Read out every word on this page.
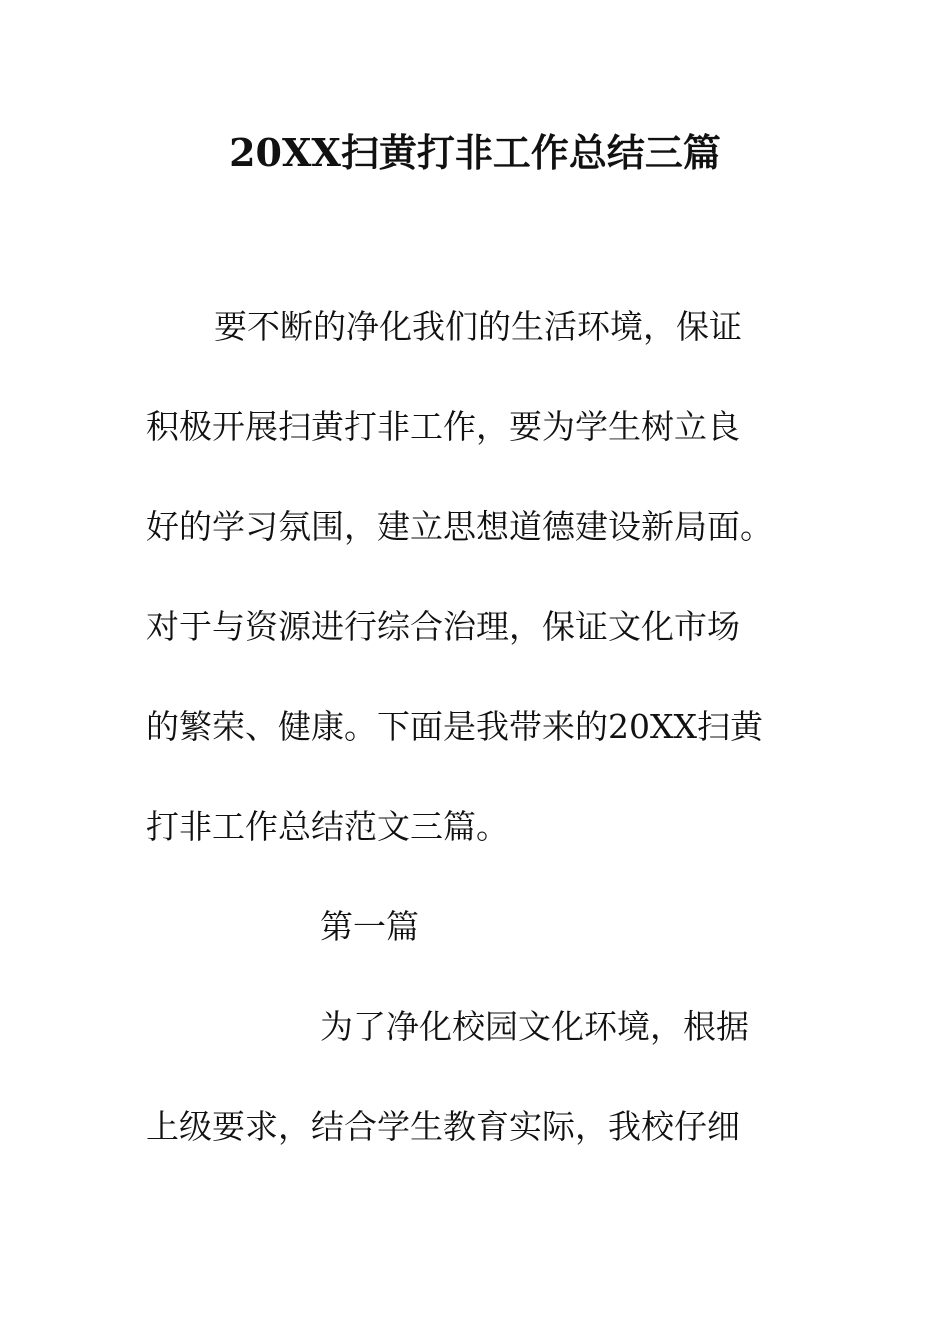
20XX扫黄打非工作总结三篇
要不断的净化我们的生活环境，保证
积极开展扫黄打非工作，要为学生树立良
好的学习氛围，建立思想道德建设新局面。
对于与资源进行综合治理，保证文化市场
的繁荣、健康。下面是我带来的20XX扫黄
打非工作总结范文三篇。
第一篇
为了净化校园文化环境，根据
上级要求，结合学生教育实际，我校仔细
